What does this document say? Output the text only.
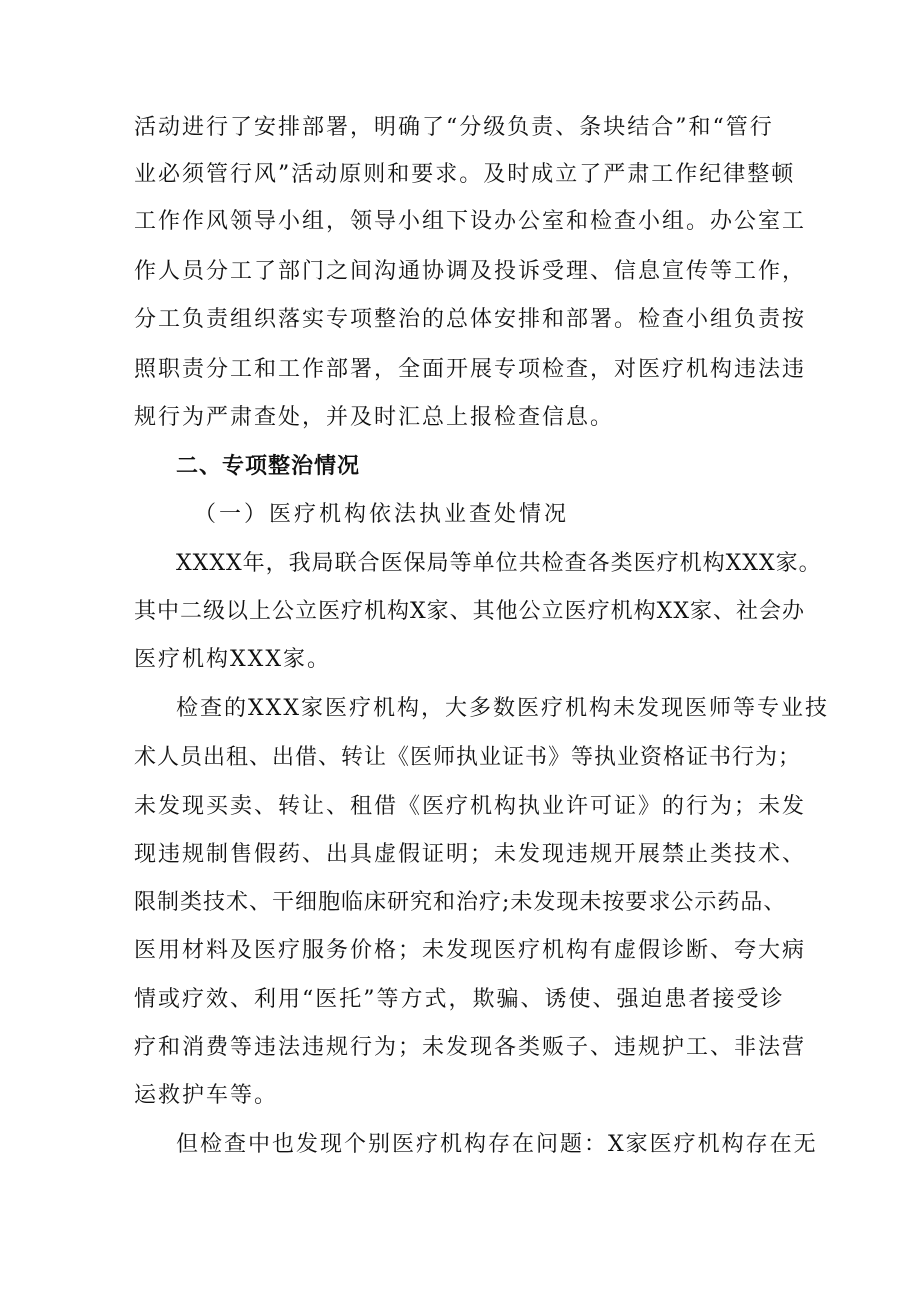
活动进行了安排部署，明确了“分级负责、条块结合”和“管行
业必须管行风”活动原则和要求。及时成立了严肃工作纪律整顿
工作作风领导小组，领导小组下设办公室和检查小组。办公室工
作人员分工了部门之间沟通协调及投诉受理、信息宣传等工作，
分工负责组织落实专项整治的总体安排和部署。检查小组负责按
照职责分工和工作部署，全面开展专项检查，对医疗机构违法违
规行为严肃查处，并及时汇总上报检查信息。
二、专项整治情况
（一）医疗机构依法执业查处情况
XXXX年，我局联合医保局等单位共检查各类医疗机构XXX家。
其中二级以上公立医疗机构X家、其他公立医疗机构XX家、社会办
医疗机构XXX家。
检查的XXX家医疗机构，大多数医疗机构未发现医师等专业技
术人员出租、出借、转让《医师执业证书》等执业资格证书行为；
未发现买卖、转让、租借《医疗机构执业许可证》的行为；未发
现违规制售假药、出具虚假证明；未发现违规开展禁止类技术、
限制类技术、干细胞临床研究和治疗;未发现未按要求公示药品、
医用材料及医疗服务价格；未发现医疗机构有虚假诊断、夸大病
情或疗效、利用“医托”等方式，欺骗、诱使、强迫患者接受诊
疗和消费等违法违规行为；未发现各类贩子、违规护工、非法营
运救护车等。
但检查中也发现个别医疗机构存在问题：X家医疗机构存在无
